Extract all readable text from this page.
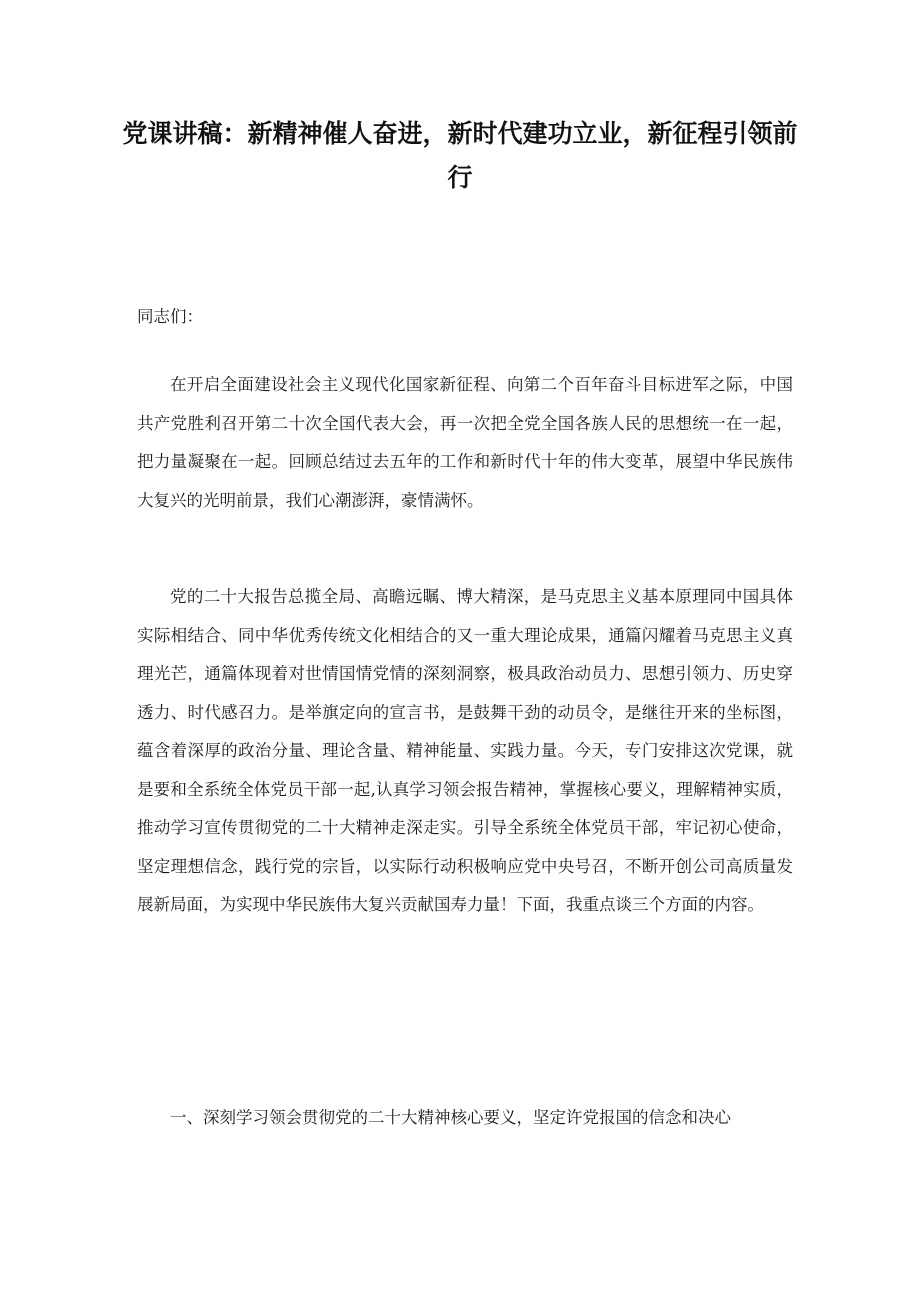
党课讲稿：新精神催人奋进，新时代建功立业，新征程引领前行

同志们：

在开启全面建设社会主义现代化国家新征程、向第二个百年奋斗目标进军之际，中国共产党胜利召开第二十次全国代表大会，再一次把全党全国各族人民的思想统一在一起，把力量凝聚在一起。回顾总结过去五年的工作和新时代十年的伟大变革，展望中华民族伟大复兴的光明前景，我们心潮澎湃，豪情满怀。

党的二十大报告总揽全局、高瞻远瞩、博大精深，是马克思主义基本原理同中国具体实际相结合、同中华优秀传统文化相结合的又一重大理论成果，通篇闪耀着马克思主义真理光芒，通篇体现着对世情国情党情的深刻洞察，极具政治动员力、思想引领力、历史穿透力、时代感召力。是举旗定向的宣言书，是鼓舞干劲的动员令，是继往开来的坐标图，蕴含着深厚的政治分量、理论含量、精神能量、实践力量。今天，专门安排这次党课，就是要和全系统全体党员干部一起,认真学习领会报告精神，掌握核心要义，理解精神实质，推动学习宣传贯彻党的二十大精神走深走实。引导全系统全体党员干部，牢记初心使命，坚定理想信念，践行党的宗旨，以实际行动积极响应党中央号召，不断开创公司高质量发展新局面，为实现中华民族伟大复兴贡献国寿力量！下面，我重点谈三个方面的内容。

一、深刻学习领会贯彻党的二十大精神核心要义，坚定许党报国的信念和决心
